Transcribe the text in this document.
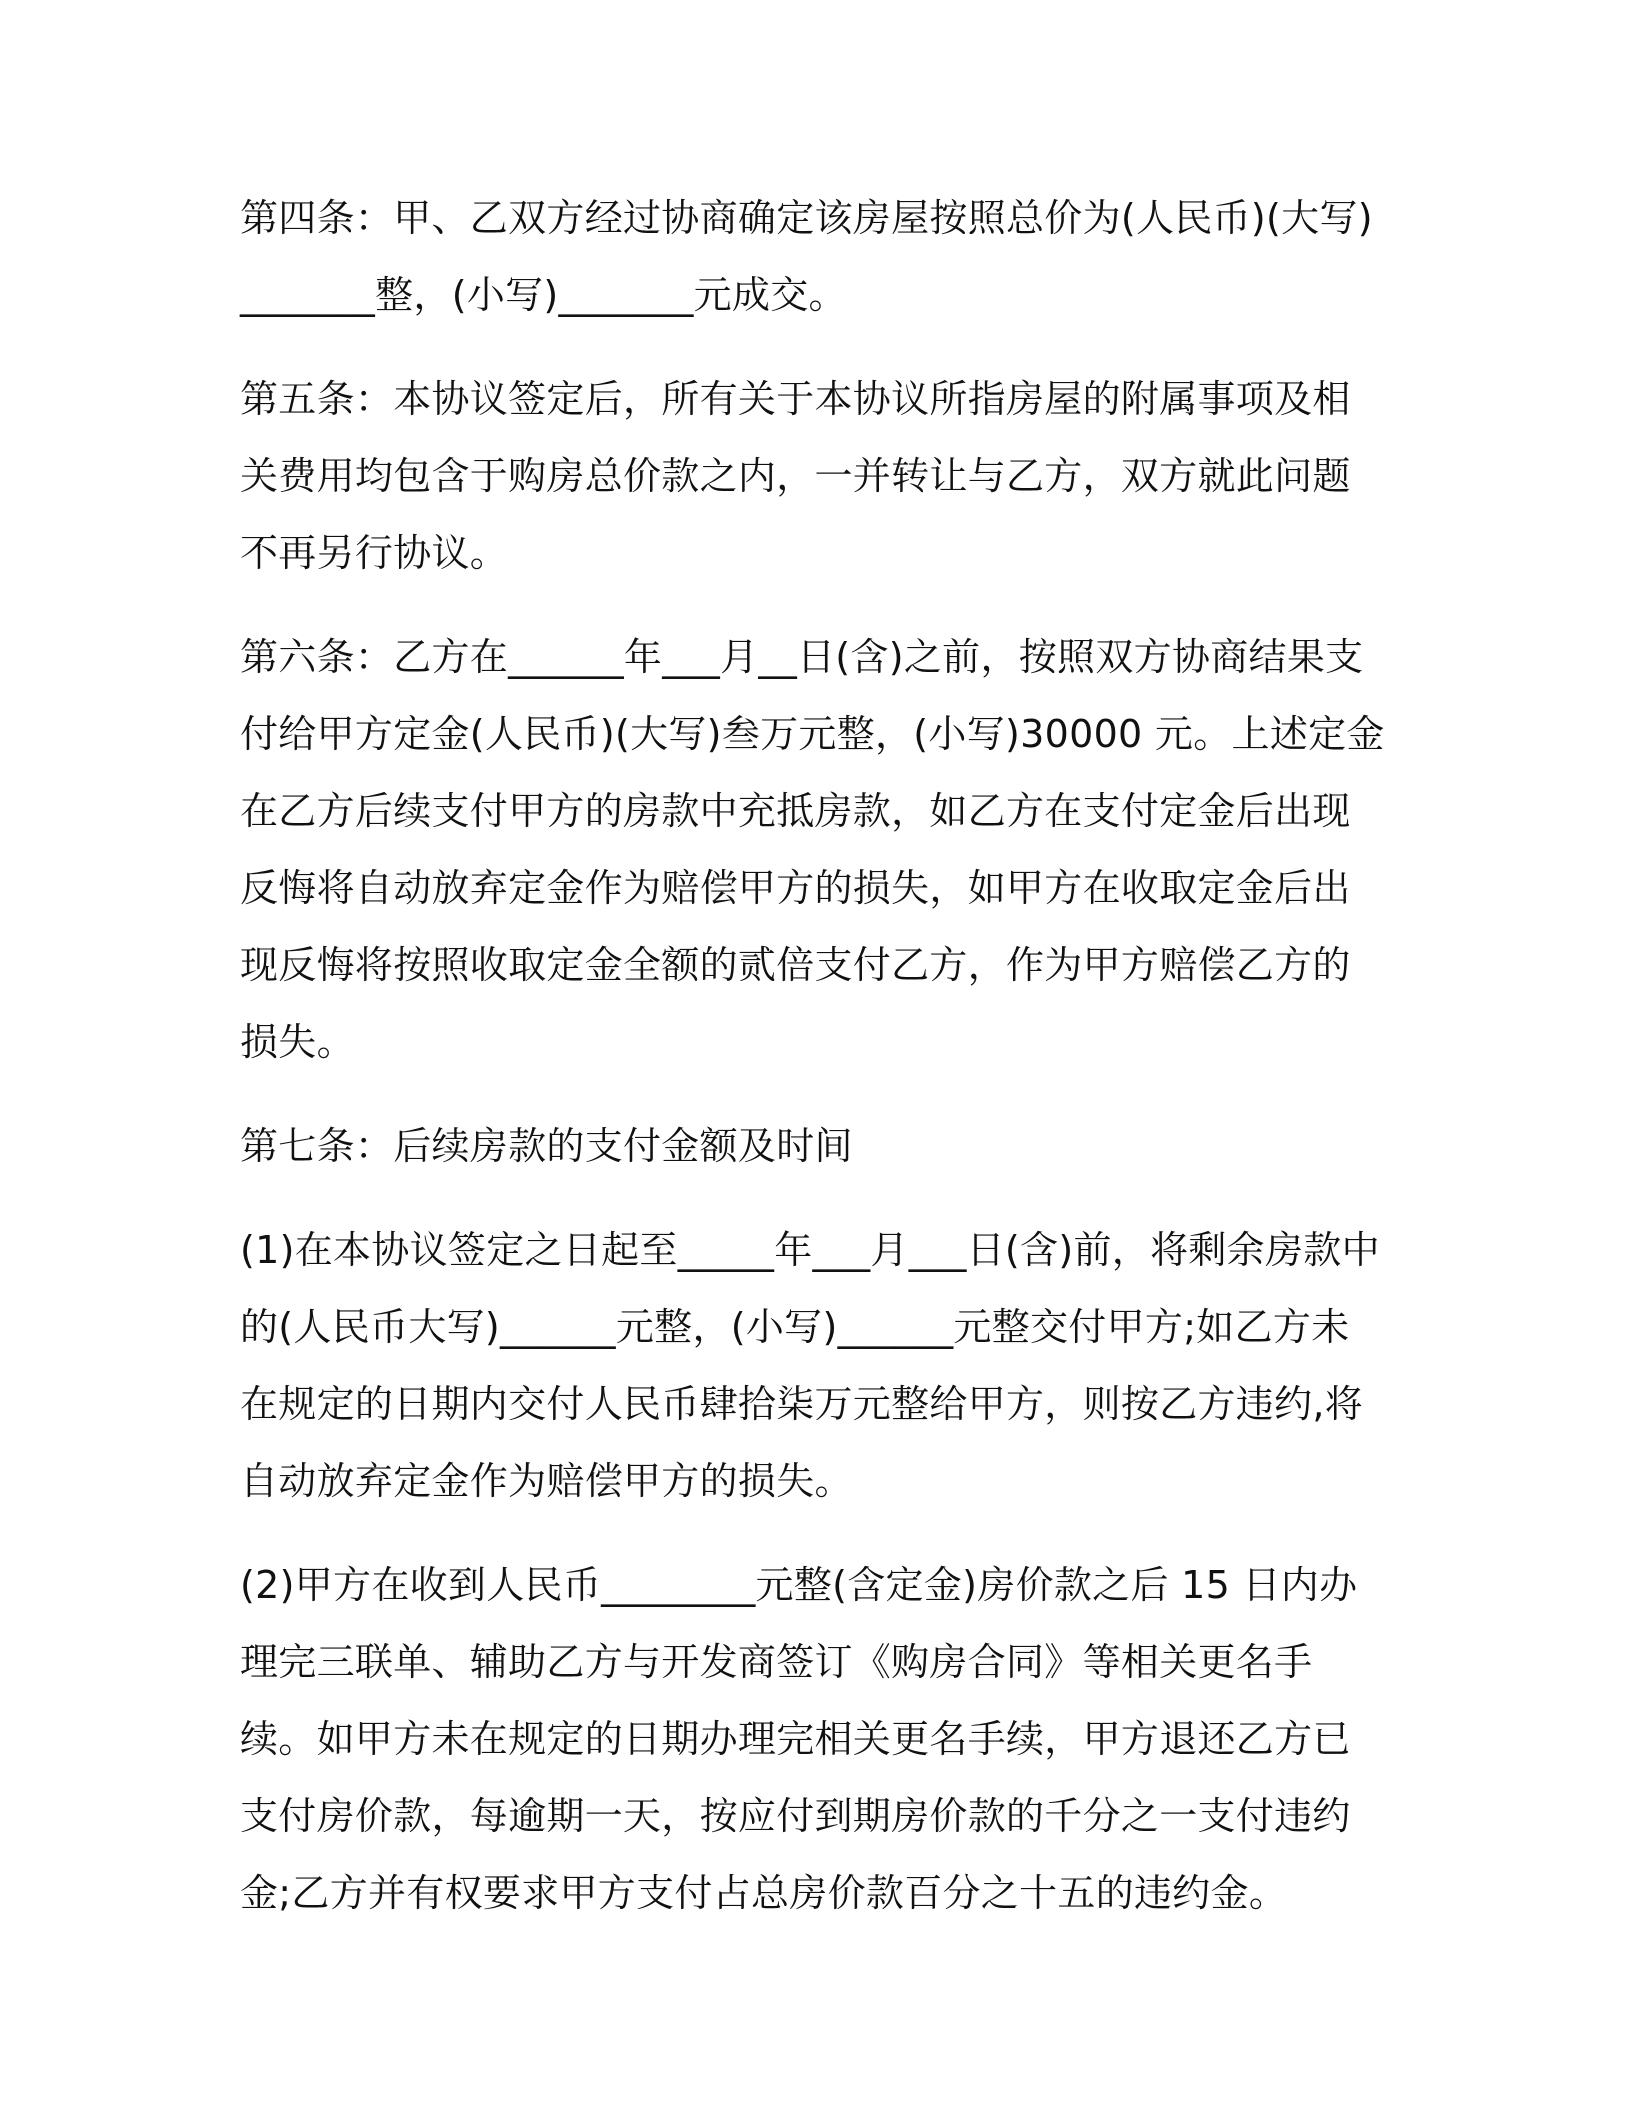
第四条：甲、乙双方经过协商确定该房屋按照总价为(人民币)(大写)_______整，(小写)_______元成交。

第五条：本协议签定后，所有关于本协议所指房屋的附属事项及相关费用均包含于购房总价款之内，一并转让与乙方，双方就此问题不再另行协议。

第六条：乙方在______年___月__日(含)之前，按照双方协商结果支付给甲方定金(人民币)(大写)叁万元整，(小写)30000 元。上述定金在乙方后续支付甲方的房款中充抵房款，如乙方在支付定金后出现反悔将自动放弃定金作为赔偿甲方的损失，如甲方在收取定金后出现反悔将按照收取定金全额的贰倍支付乙方，作为甲方赔偿乙方的损失。

第七条：后续房款的支付金额及时间

(1)在本协议签定之日起至_____年___月___日(含)前，将剩余房款中的(人民币大写)______元整，(小写)______元整交付甲方;如乙方未在规定的日期内交付人民币肆拾柒万元整给甲方，则按乙方违约,将自动放弃定金作为赔偿甲方的损失。

(2)甲方在收到人民币________元整(含定金)房价款之后 15 日内办理完三联单、辅助乙方与开发商签订《购房合同》等相关更名手续。如甲方未在规定的日期办理完相关更名手续，甲方退还乙方已支付房价款，每逾期一天，按应付到期房价款的千分之一支付违约金;乙方并有权要求甲方支付占总房价款百分之十五的违约金。
